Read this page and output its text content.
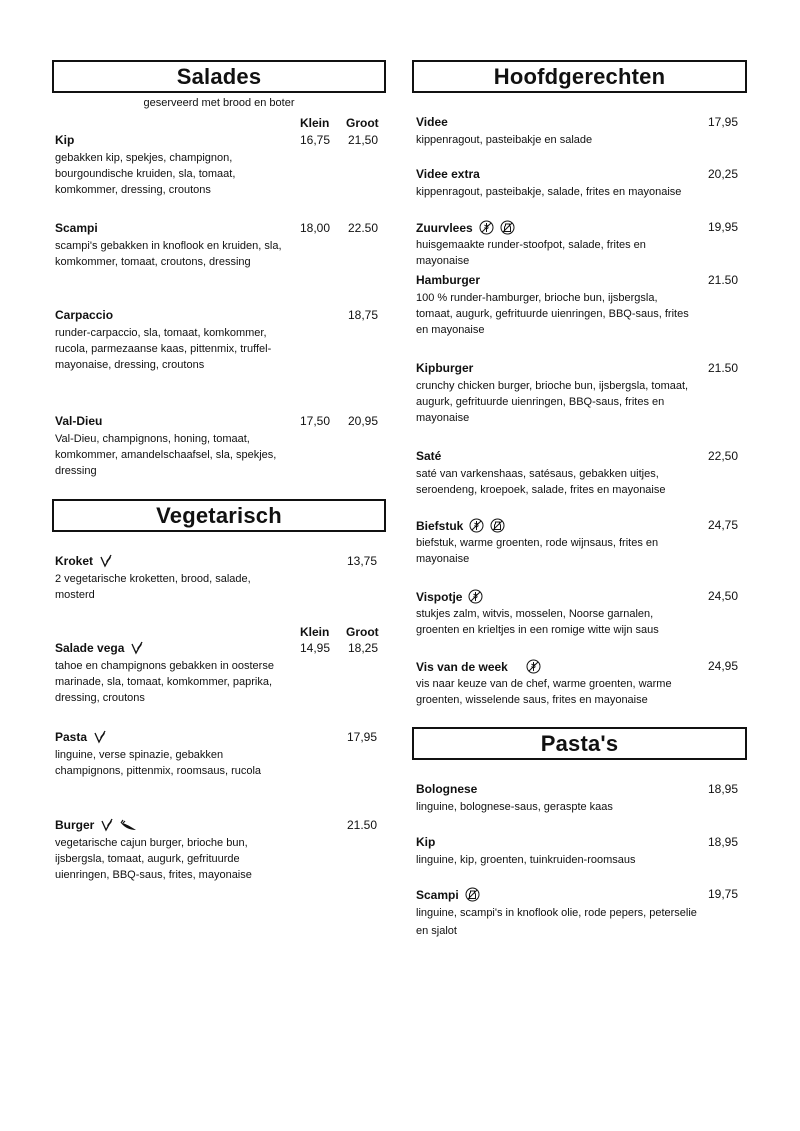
Salades
geserveerd met brood en boter
Klein Groot
Kip
gebakken kip, spekjes, champignon,
bourgoundische kruiden, sla, tomaat,
komkommer, dressing, croutons
16,75 21,50
Scampi
scampi's gebakken in knoflook en kruiden, sla,
komkommer, tomaat, croutons, dressing
18,00 22.50
Carpaccio
runder-carpaccio, sla, tomaat, komkommer,
rucola, parmezaanse kaas, pittenmix, truffel-
mayonaise, dressing, croutons
18,75
Val-Dieu
Val-Dieu, champignons, honing, tomaat,
komkommer, amandelschaafsel, sla, spekjes,
dressing
17,50 20,95
Vegetarisch
Kroket
2 vegetarische kroketten, brood, salade,
mosterd
13,75
Klein Groot
Salade vega
tahoe en champignons gebakken in oosterse
marinade, sla, tomaat, komkommer, paprika,
dressing, croutons
14,95 18,25
Pasta
linguine, verse spinazie, gebakken
champignons, pittenmix, roomsaus, rucola
17,95
Burger
vegetarische cajun burger, brioche bun,
ijsbergsla, tomaat, augurk, gefrituurde
uienringen, BBQ-saus, frites, mayonaise
21.50
Hoofdgerechten
Videe
kippenragout, pasteibakje en salade
17,95
Videe extra
kippenragout, pasteibakje, salade, frites en mayonaise
20,25
Zuurvlees
huisgemaakte runder-stoofpot, salade, frites en
mayonaise
19,95
Hamburger
100 % runder-hamburger, brioche bun, ijsbergsla,
tomaat, augurk, gefrituurde uienringen, BBQ-saus, frites
en mayonaise
21.50
Kipburger
crunchy chicken burger, brioche bun, ijsbergsla, tomaat,
augurk, gefrituurde uienringen, BBQ-saus, frites en
mayonaise
21.50
Saté
saté van varkenshaas, satésaus, gebakken uitjes,
seroendeng, kroepoek, salade, frites en mayonaise
22,50
Biefstuk
biefstuk, warme groenten, rode wijnsaus, frites en
mayonaise
24,75
Vispotje
stukjes zalm, witvis, mosselen, Noorse garnalen,
groenten en krieltjes in een romige witte wijn saus
24,50
Vis van de week
vis naar keuze van de chef, warme groenten, warme
groenten, wisselende saus, frites en mayonaise
24,95
Pasta's
Bolognese
linguine, bolognese-saus, geraspte kaas
18,95
Kip
linguine, kip, groenten, tuinkruiden-roomsaus
18,95
Scampi
linguine, scampi's in knoflook olie, rode pepers, peterselie
en sjalot
19,75
